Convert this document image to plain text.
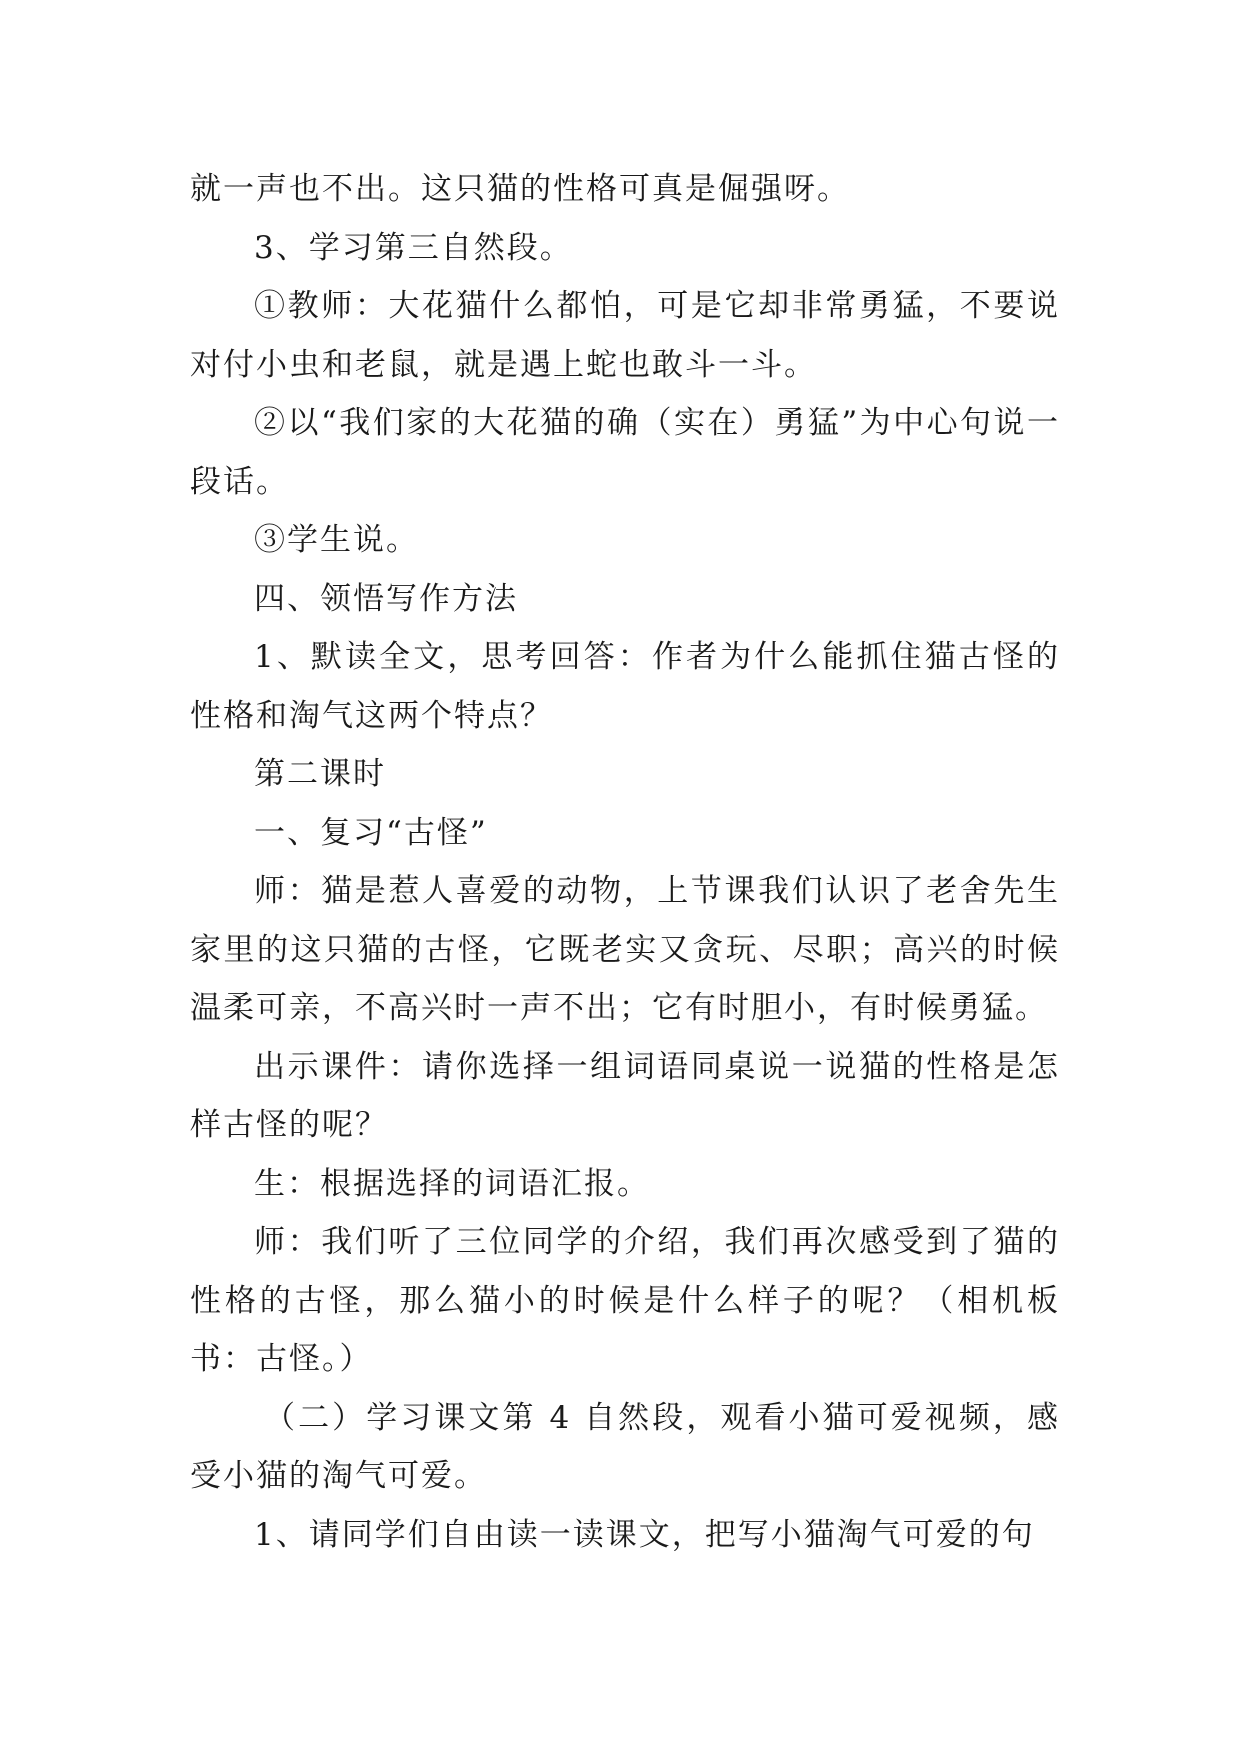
就一声也不出。这只猫的性格可真是倔强呀。

3、学习第三自然段。

①教师：大花猫什么都怕，可是它却非常勇猛，不要说对付小虫和老鼠，就是遇上蛇也敢斗一斗。

②以“我们家的大花猫的确（实在）勇猛”为中心句说一段话。

③学生说。

四、领悟写作方法

1、默读全文，思考回答：作者为什么能抓住猫古怪的性格和淘气这两个特点？

第二课时

一、复习“古怪”

师：猫是惹人喜爱的动物，上节课我们认识了老舍先生家里的这只猫的古怪，它既老实又贪玩、尽职；高兴的时候温柔可亲，不高兴时一声不出；它有时胆小，有时候勇猛。

出示课件：请你选择一组词语同桌说一说猫的性格是怎样古怪的呢？

生：根据选择的词语汇报。

师：我们听了三位同学的介绍，我们再次感受到了猫的性格的古怪，那么猫小的时候是什么样子的呢？（相机板书：古怪。）

（二）学习课文第 4 自然段，观看小猫可爱视频，感受小猫的淘气可爱。

1、请同学们自由读一读课文，把写小猫淘气可爱的句
